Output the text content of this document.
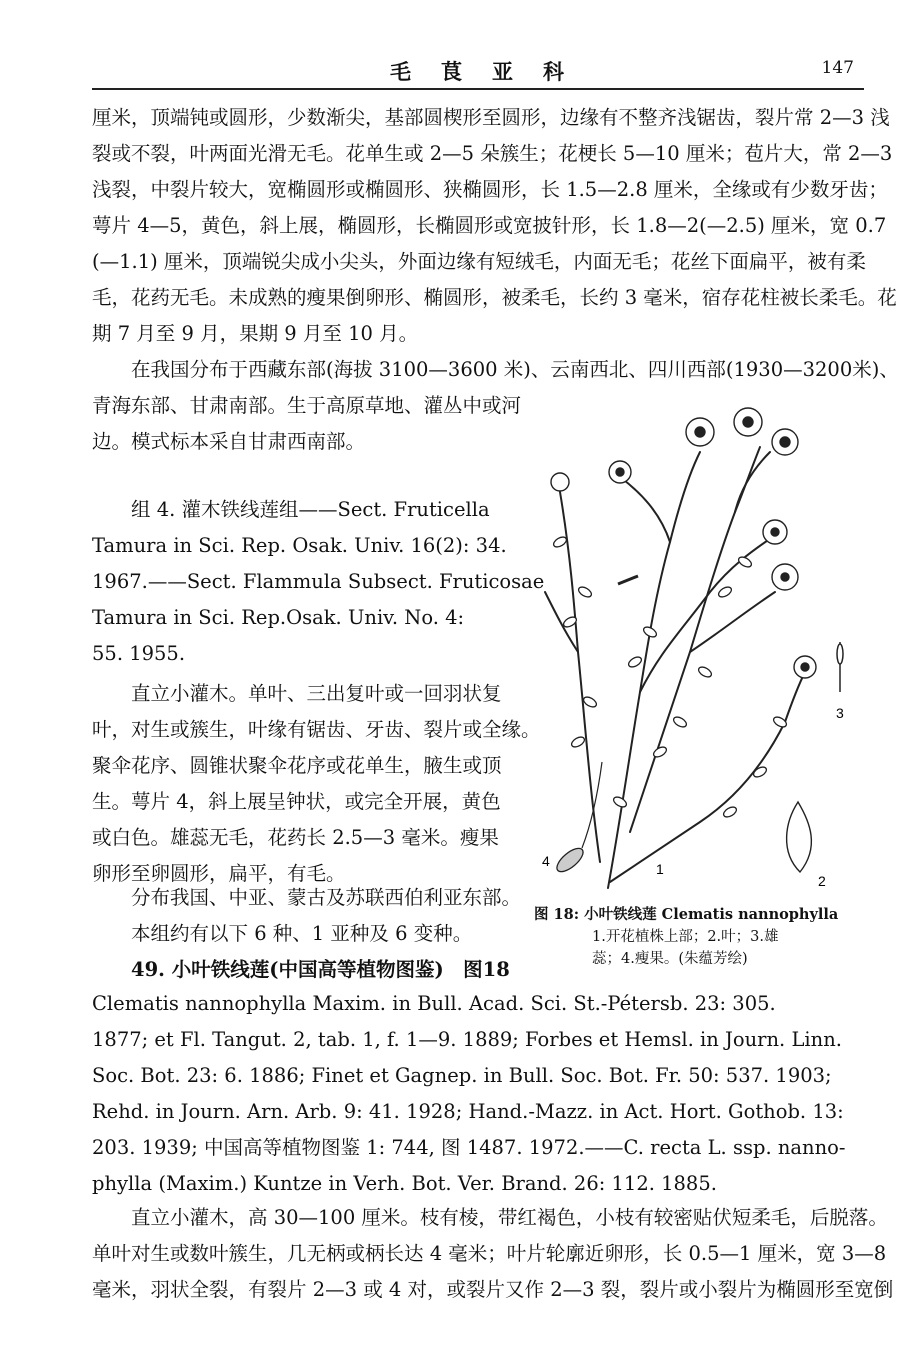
毛茛亚科	147
厘米，顶端钝或圆形，少数渐尖，基部圆楔形至圆形，边缘有不整齐浅锯齿，裂片常 2—3 浅
裂或不裂，叶两面光滑无毛。花单生或 2—5 朵簇生；花梗长 5—10 厘米；苞片大，常 2—3
浅裂，中裂片较大，宽椭圆形或椭圆形、狭椭圆形，长 1.5—2.8 厘米，全缘或有少数牙齿；
萼片 4—5，黄色，斜上展，椭圆形，长椭圆形或宽披针形，长 1.8—2(—2.5) 厘米，宽 0.7
(—1.1) 厘米，顶端锐尖成小尖头，外面边缘有短绒毛，内面无毛；花丝下面扁平，被有柔
毛，花药无毛。未成熟的瘦果倒卵形、椭圆形，被柔毛，长约 3 毫米，宿存花柱被长柔毛。花
期 7 月至 9 月，果期 9 月至 10 月。
在我国分布于西藏东部(海拔 3100—3600 米)、云南西北、四川西部(1930—3200米)、
青海东部、甘肃南部。生于高原草地、灌丛中或河
边。模式标本采自甘肃西南部。
组 4. 灌木铁线莲组——Sect. Fruticella
Tamura in Sci. Rep. Osak. Univ. 16(2): 34.
1967.——Sect. Flammula Subsect. Fruticosae
Tamura in Sci. Rep.Osak. Univ. No. 4:
55. 1955.
直立小灌木。单叶、三出复叶或一回羽状复
叶，对生或簇生，叶缘有锯齿、牙齿、裂片或全缘。
聚伞花序、圆锥状聚伞花序或花单生，腋生或顶
生。萼片 4，斜上展呈钟状，或完全开展，黄色
或白色。雄蕊无毛，花药长 2.5—3 毫米。瘦果
卵形至卵圆形，扁平，有毛。
分布我国、中亚、蒙古及苏联西伯利亚东部。
本组约有以下 6 种、1 亚种及 6 变种。
49. 小叶铁线莲(中国高等植物图鉴)　图18
1
2
3
4
图 18: 小叶铁线莲 Clematis nannophylla
1.开花植株上部；2.叶；3.雄
蕊；4.瘦果。(朱蕴芳绘)
Clematis nannophylla Maxim. in Bull. Acad. Sci. St.-Pétersb. 23: 305.
1877; et Fl. Tangut. 2, tab. 1, f. 1—9. 1889; Forbes et Hemsl. in Journ. Linn.
Soc. Bot. 23: 6. 1886; Finet et Gagnep. in Bull. Soc. Bot. Fr. 50: 537. 1903;
Rehd. in Journ. Arn. Arb. 9: 41. 1928; Hand.-Mazz. in Act. Hort. Gothob. 13:
203. 1939; 中国高等植物图鉴 1: 744, 图 1487. 1972.——C. recta L. ssp. nanno-
phylla (Maxim.) Kuntze in Verh. Bot. Ver. Brand. 26: 112. 1885.
直立小灌木，高 30—100 厘米。枝有棱，带红褐色，小枝有较密贴伏短柔毛，后脱落。
单叶对生或数叶簇生，几无柄或柄长达 4 毫米；叶片轮廓近卵形，长 0.5—1 厘米，宽 3—8
毫米，羽状全裂，有裂片 2—3 或 4 对，或裂片又作 2—3 裂，裂片或小裂片为椭圆形至宽倒
